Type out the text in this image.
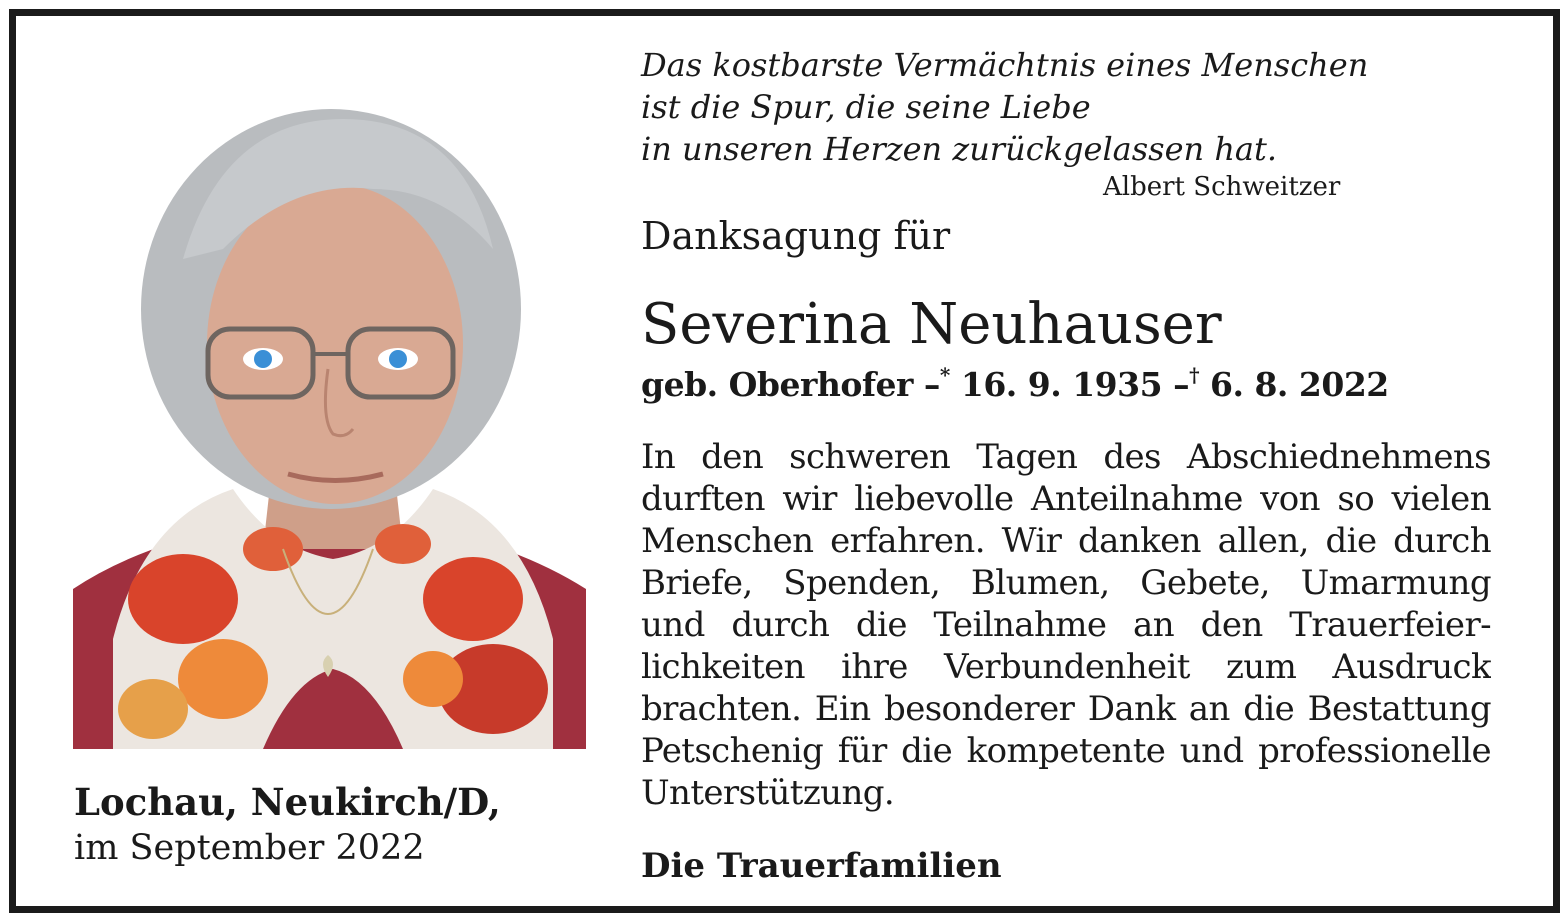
Lochau, Neukirch/D,
im September 2022
Das kostbarste Vermächtnis eines Menschen
ist die Spur, die seine Liebe
in unseren Herzen zurückgelassen hat.
Albert Schweitzer
Danksagung für
Severina Neuhauser
geb. Oberhofer –* 16. 9. 1935 –† 6. 8. 2022
In den schweren Tagen des Abschiednehmens
durften wir liebevolle Anteilnahme von so vielen
Menschen erfahren. Wir danken allen, die durch
Briefe, Spenden, Blumen, Gebete, Umarmung
und durch die Teilnahme an den Trauerfeier-
lichkeiten ihre Verbundenheit zum Ausdruck
brachten. Ein besonderer Dank an die Bestattung
Petschenig für die kompetente und professionelle
Unterstützung.
Die Trauerfamilien
